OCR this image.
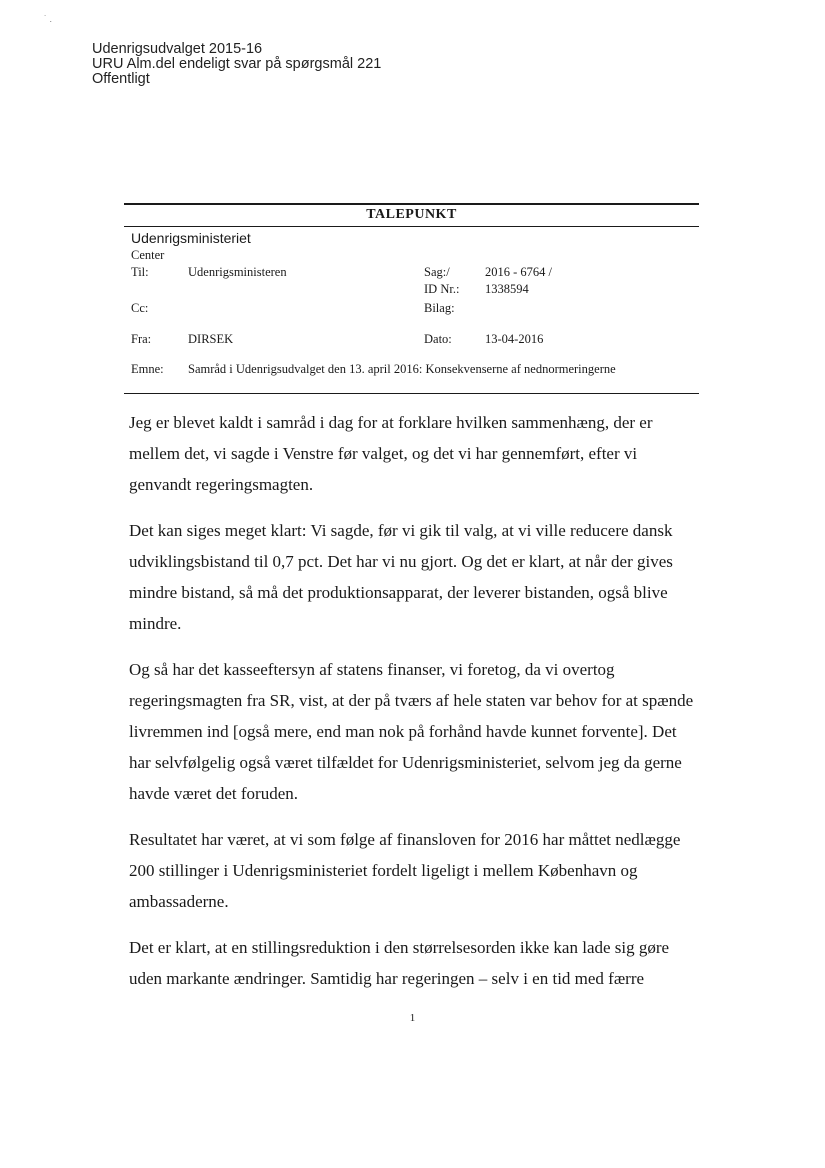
˙ .
Udenrigsudvalget 2015-16
URU Alm.del endeligt svar på spørgsmål 221
Offentligt
TALEPUNKT
Udenrigsministeriet
Center
Til:	Udenrigsministeren	Sag:/	2016 - 6764 /
ID Nr.: 1338594
Cc:	Bilag:
Fra:	DIRSEK	Dato:	13-04-2016
Emne: Samråd i Udenrigsudvalget den 13. april 2016: Konsekvenserne af nednormeringerne

Jeg er blevet kaldt i samråd i dag for at forklare hvilken sammenhæng, der er mellem det, vi sagde i Venstre før valget, og det vi har gennemført, efter vi genvandt regeringsmagten.

Det kan siges meget klart: Vi sagde, før vi gik til valg, at vi ville reducere dansk udviklingsbistand til 0,7 pct. Det har vi nu gjort. Og det er klart, at når der gives mindre bistand, så må det produktionsapparat, der leverer bistanden, også blive mindre.

Og så har det kasseeftersyn af statens finanser, vi foretog, da vi overtog regeringsmagten fra SR, vist, at der på tværs af hele staten var behov for at spænde livremmen ind [også mere, end man nok på forhånd havde kunnet forvente]. Det har selvfølgelig også været tilfældet for Udenrigsministeriet, selvom jeg da gerne havde været det foruden.

Resultatet har været, at vi som følge af finansloven for 2016 har måttet nedlægge 200 stillinger i Udenrigsministeriet fordelt ligeligt i mellem København og ambassaderne.

Det er klart, at en stillingsreduktion i den størrelsesorden ikke kan lade sig gøre uden markante ændringer. Samtidig har regeringen – selv i en tid med færre

1
